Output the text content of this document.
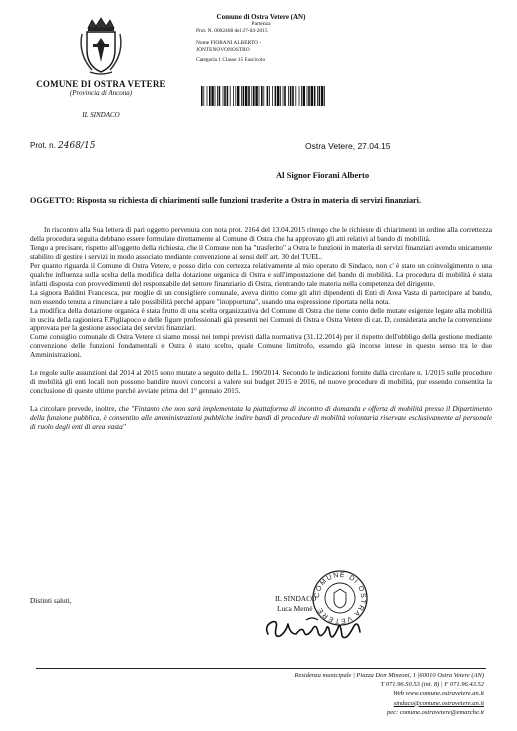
COMUNE DI OSTRA VETERE
(Provincia di Ancona)
IL SINDACO
Comune di Ostra Vetere (AN)
Partenza
Prot. N. 0002468 del 27-04-2015
Nome FIORANI ALBERTO -
JONTENOVONOSTRO
Categoria 1 Classe 15 Fascicolo
Prot. n. 2468/15	Ostra Vetere, 27.04.15
Al Signor Fiorani Alberto
OGGETTO: Risposta su richiesta di chiarimenti sulle funzioni trasferite a Ostra in materia di servizi finanziari.

In riscontro alla Sua lettera di pari oggetto pervenuta con nota prot. 2164 del 13.04.2015 ritengo che le richieste di chiarimenti in ordine alla correttezza della procedura seguita debbano essere formulate direttamente al Comune di Ostra che ha approvato gli atti relativi al bando di mobilità.

Tengo a precisare, rispetto all'oggetto della richiesta, che il Comune non ha "trasferito" a Ostra le funzioni in materia di servizi finanziari avendo unicamente stabilito di gestire i servizi in modo associato mediante convenzione ai sensi dell' art. 30 del TUEL.

Per quanto riguarda il Comune di Ostra Vetere, e posso dirlo con certezza relativamente al mio operato di Sindaco, non c' è stato un coinvolgimento o una qualche influenza sulla scelta della modifica della dotazione organica di Ostra e sull'impostazione del bando di mobilità. La procedura di mobilità è stata infatti disposta con provvedimenti del responsabile del settore finanziario di Ostra, rientrando tale materia nella competenza del dirigente.

La signora Baldini Francesca, pur moglie di un consigliere comunale, aveva diritto come gli altri dipendenti di Enti di Area Vasta di partecipare al bando, non essendo tenuta a rinunciare a tale possibilità perché appare "inopportuna", usando una espressione riportata nella nota.

La modifica della dotazione organica è stata frutto di una scelta organizzativa del Comune di Ostra che tiene conto delle mutate esigenze legate alla mobilità in uscita della ragioniera F.Pigliapoco e delle figure professionali già presenti nei Comuni di Ostra e Ostra Vetere di cat. D, considerata anche la convenzione approvata per la gestione associata dei servizi finanziari.

Come consiglio comunale di Ostra Vetere ci siamo mossi nei tempi previsti dalla normativa (31.12.2014) per il rispetto dell'obbligo della gestione mediante convenzione delle funzioni fondamentali e Ostra è stato scelto, quale Comune limitrofo, essendo già incorse intese in questo senso tra le due Amministrazioni.

Le regole sulle assunzioni dal 2014 al 2015 sono mutate a seguito della L. 190/2014. Secondo le indicazioni fornite dalla circolare n. 1/2015 sulle procedure di mobilità gli enti locali non possono bandire nuovi concorsi a valere sui budget 2015 e 2016, né nuove procedure di mobilità, pur essendo consentita la conclusione di queste ultime purché avviate prima del 1° gennaio 2015.

La circolare prevede, inoltre, che "Fintanto che non sarà implementata la piattaforma di incontro di domanda e offerta di mobilità presso il Dipartimento della funzione pubblica, è consentito alle amministrazioni pubbliche indire bandi di procedure di mobilità volontaria riservate esclusivamente al personale di ruolo degli enti di area vasta"

Distinti saluti,
COMUNE DI OSTRA VETERE
IL SINDACO
Luca Memè
Residenza municipale | Piazza Don Minzoni, 1 |60010 Ostra Vetere (AN)
T 071.96.50.53 (int. 8) | F 071.96.43.52
Web www.comune.ostravetere.an.it
sindaco@comune.ostravetere.an.it
pec: comune.ostravetere@emarche.it
